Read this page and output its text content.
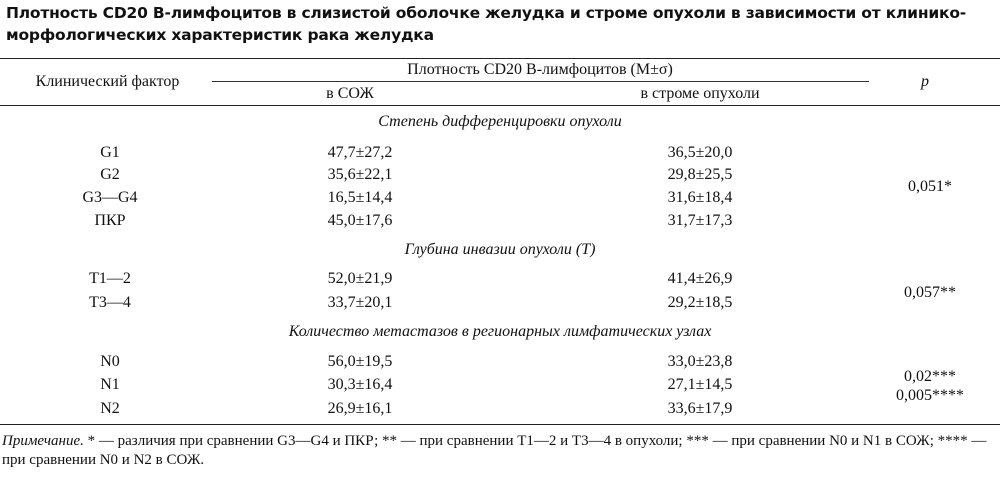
Плотность CD20 B-лимфоцитов в слизистой оболочке желудка и строме опухоли в зависимости от клинико-морфологических характеристик рака желудка
Клинический фактор
Плотность CD20 B-лимфоцитов (M±σ)
в СОЖ	в строме опухоли
p
Степень дифференцировки опухоли
G1	47,7±27,2	36,5±20,0
G2	35,6±22,1	29,8±25,5
G3—G4	16,5±14,4	31,6±18,4
ПКР	45,0±17,6	31,7±17,3
0,051*
Глубина инвазии опухоли (T)
T1—2	52,0±21,9	41,4±26,9
T3—4	33,7±20,1	29,2±18,5
0,057**
Количество метастазов в регионарных лимфатических узлах
N0	56,0±19,5	33,0±23,8
N1	30,3±16,4	27,1±14,5
N2	26,9±16,1	33,6±17,9
0,02***
0,005****
Примечание. * — различия при сравнении G3—G4 и ПКР; ** — при сравнении T1—2 и T3—4 в опухоли; *** — при сравнении N0 и N1 в СОЖ; **** — при сравнении N0 и N2 в СОЖ.
